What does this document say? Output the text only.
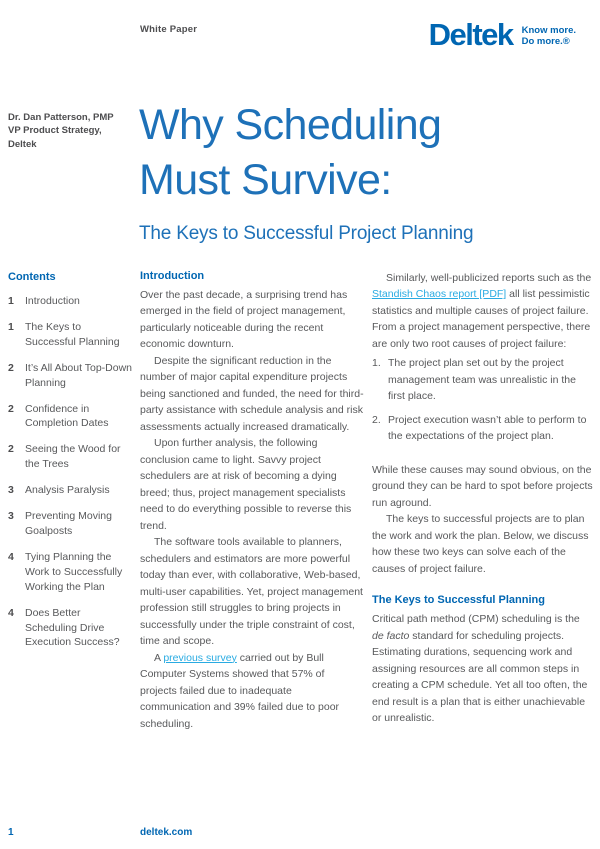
White Paper	Deltek Know more.
Do more.®
Dr. Dan Patterson, PMP
VP Product Strategy,
Deltek	Why Scheduling
Must Survive:
The Keys to Successful Project Planning
Contents
1 Introduction
1 The Keys to Successful Planning
2 It’s All About Top-Down Planning
2 Confidence in Completion Dates
2 Seeing the Wood for the Trees
3 Analysis Paralysis
3 Preventing Moving Goalposts
4 Tying Planning the Work to Successfully Working the Plan
4 Does Better Scheduling Drive Execution Success?
Introduction

Over the past decade, a surprising trend has emerged in the field of project management, particularly noticeable during the recent economic downturn.

Despite the significant reduction in the number of major capital expenditure projects being sanctioned and funded, the need for third-party assistance with schedule analysis and risk assessments actually increased dramatically.

Upon further analysis, the following conclusion came to light. Savvy project schedulers are at risk of becoming a dying breed; thus, project management specialists need to do everything possible to reverse this trend.

The software tools available to planners, schedulers and estimators are more powerful today than ever, with collaborative, Web-based, multi-user capabilities. Yet, project management profession still struggles to bring projects in successfully under the triple constraint of cost, time and scope.

A previous survey carried out by Bull Computer Systems showed that 57% of projects failed due to inadequate communication and 39% failed due to poor scheduling.

Similarly, well-publicized reports such as the Standish Chaos report [PDF] all list pessimistic statistics and multiple causes of project failure. From a project management perspective, there are only two root causes of project failure:

1. The project plan set out by the project management team was unrealistic in the first place.
2. Project execution wasn’t able to perform to the expectations of the project plan.

While these causes may sound obvious, on the ground they can be hard to spot before projects run aground.

The keys to successful projects are to plan the work and work the plan. Below, we discuss how these two keys can solve each of the causes of project failure.

The Keys to Successful Planning

Critical path method (CPM) scheduling is the de facto standard for scheduling projects. Estimating durations, sequencing work and assigning resources are all common steps in creating a CPM schedule. Yet all too often, the end result is a plan that is either unachievable or unrealistic.

1	deltek.com
